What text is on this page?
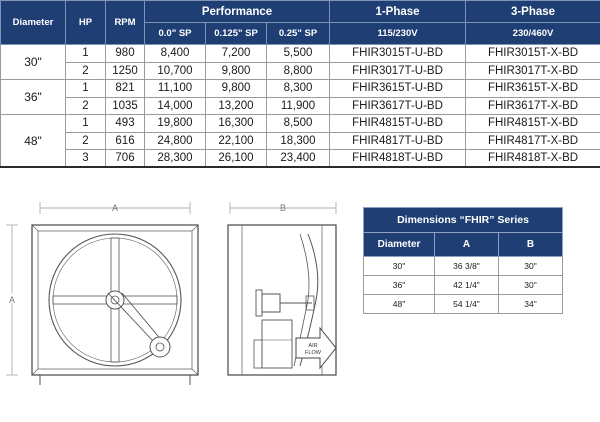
Diameter	HP	RPM	Performance			1-Phase	3-Phase
			0.0" SP	0.125" SP	0.25" SP	115/230V	230/460V
30"	1	980	8,400	7,200	5,500	FHIR3015T-U-BD	FHIR3015T-X-BD
	2	1250	10,700	9,800	8,800	FHIR3017T-U-BD	FHIR3017T-X-BD
36"	1	821	11,100	9,800	8,300	FHIR3615T-U-BD	FHIR3615T-X-BD
	2	1035	14,000	13,200	11,900	FHIR3617T-U-BD	FHIR3617T-X-BD
48"	1	493	19,800	16,300	8,500	FHIR4815T-U-BD	FHIR4815T-X-BD
	2	616	24,800	22,100	18,300	FHIR4817T-U-BD	FHIR4817T-X-BD
	3	706	28,300	26,100	23,400	FHIR4818T-U-BD	FHIR4818T-X-BD
A
A
B
AIR
FLOW
Dimensions “FHIR” Series		
Diameter	A	B
30"	36 3/8"	30"
36"	42 1/4"	30"
48"	54 1/4"	34"
